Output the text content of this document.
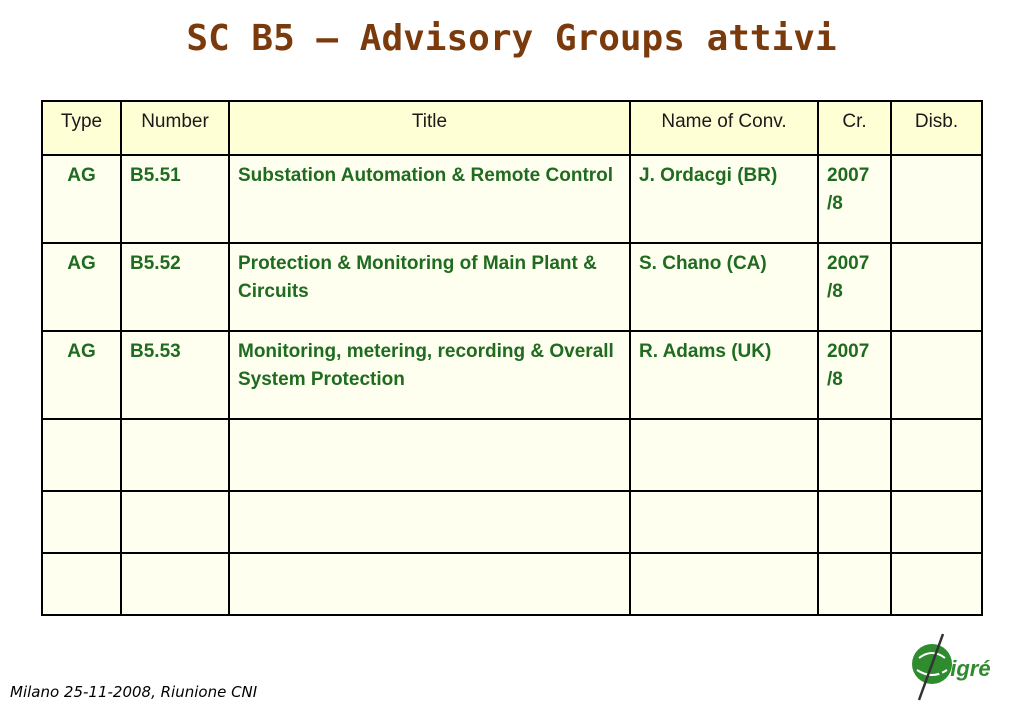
SC B5 – Advisory Groups attivi
Type	Number	Title	Name of Conv.	Cr.	Disb.
AG	B5.51	Substation Automation & Remote Control	J. Ordacgi (BR)	2007 /8	
AG	B5.52	Protection & Monitoring of Main Plant & Circuits	S. Chano (CA)	2007 /8	
AG	B5.53	Monitoring, metering, recording & Overall System Protection	R. Adams (UK)	2007 /8	

Milano 25-11-2008, Riunione CNI
cigré
